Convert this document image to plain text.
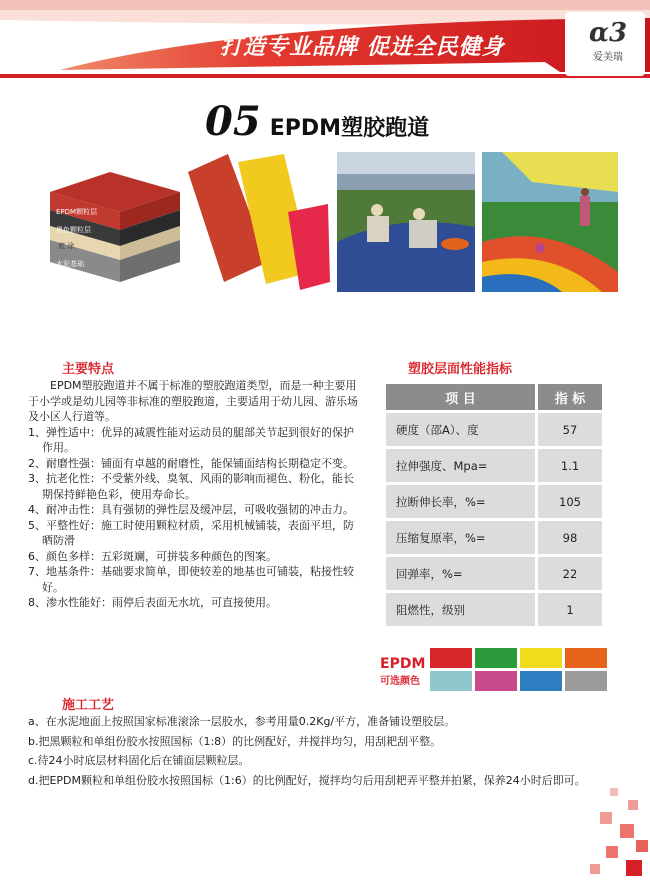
打造专业品牌 促进全民健身	ɑ3
爱美瑞
05 EPDM塑胶跑道
EPDM颗粒层
黑色颗粒层
底 涂
水泥基础
主要特点
EPDM塑胶跑道并不属于标准的塑胶跑道类型，而是一种主要用于小学或是幼儿园等非标准的塑胶跑道，主要适用于幼儿园、游乐场及小区人行道等。
1、弹性适中：优异的减震性能对运动员的腿部关节起到很好的保护作用。
2、耐磨性强：铺面有卓越的耐磨性，能保铺面结构长期稳定不变。
3、抗老化性：不受紫外线、臭氧、风雨的影响而褪色、粉化，能长期保持鲜艳色彩，使用寿命长。
4、耐冲击性：具有强韧的弹性层及缓冲层，可吸收强韧的冲击力。
5、平整性好：施工时使用颗粒材质，采用机械铺装，表面平坦，防晒防滑
6、颜色多样：五彩斑斓，可拼装多种颜色的图案。
7、地基条件：基础要求简单，即使较差的地基也可铺装，粘接性较好。
8、渗水性能好：雨停后表面无水坑，可直接使用。
塑胶层面性能指标
项 目	指 标
硬度（邵A）、度	57
拉伸强度、Mpa=	1.1
拉断伸长率，%=	105
压缩复原率，%=	98
回弹率，%=	22
阻燃性，级别	1
EPDM
可选颜色
施工工艺
a、在水泥地面上按照国家标准滚涂一层胶水，参考用量0.2Kg/平方，准备铺设塑胶层。
b.把黑颗粒和单组份胶水按照国标（1:8）的比例配好，并搅拌均匀，用刮耙刮平整。
c.待24小时底层材料固化后在铺面层颗粒层。
d.把EPDM颗粒和单组份胶水按照国标（1:6）的比例配好，搅拌均匀后用刮耙弄平整并拍紧，保养24小时后即可。
